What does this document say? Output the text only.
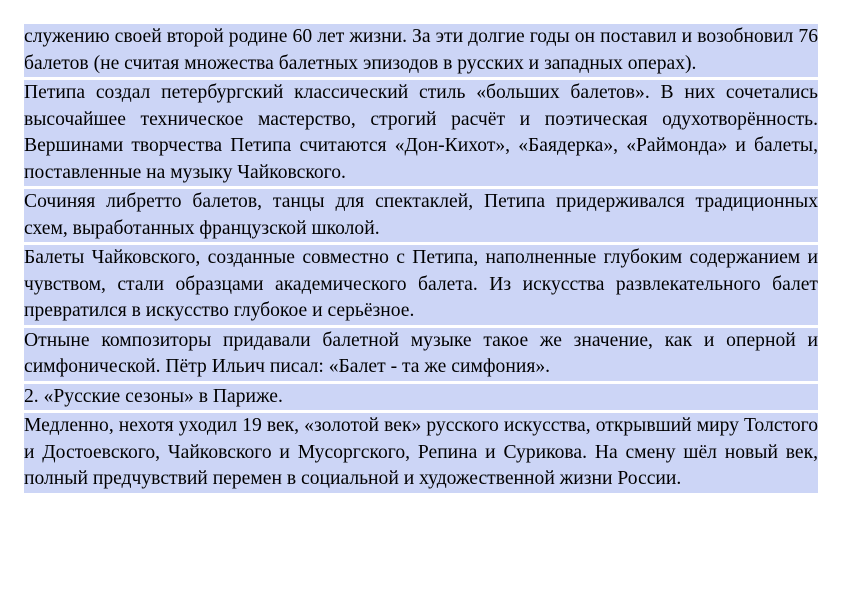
служению своей второй родине 60 лет жизни. За эти долгие годы он поставил и возобновил 76 балетов (не считая множества балетных эпизодов в русских и западных операх).

Петипа создал петербургский классический стиль «больших балетов». В них сочетались высочайшее техническое мастерство, строгий расчёт и поэтическая одухотворённость. Вершинами творчества Петипа считаются «Дон-Кихот», «Баядерка», «Раймонда» и балеты, поставленные на музыку Чайковского.

Сочиняя либретто балетов, танцы для спектаклей, Петипа придерживался традиционных схем, выработанных французской школой.

Балеты Чайковского, созданные совместно с Петипа, наполненные глубоким содержанием и чувством, стали образцами академического балета. Из искусства развлекательного балет превратился в искусство глубокое и серьёзное.

Отныне композиторы придавали балетной музыке такое же значение, как и оперной и симфонической. Пётр Ильич писал: «Балет - та же симфония».

2. «Русские сезоны» в Париже.

Медленно, нехотя уходил 19 век, «золотой век» русского искусства, открывший миру Толстого и Достоевского, Чайковского и Мусоргского, Репина и Сурикова. На смену шёл новый век, полный предчувствий перемен в социальной и художественной жизни России.
